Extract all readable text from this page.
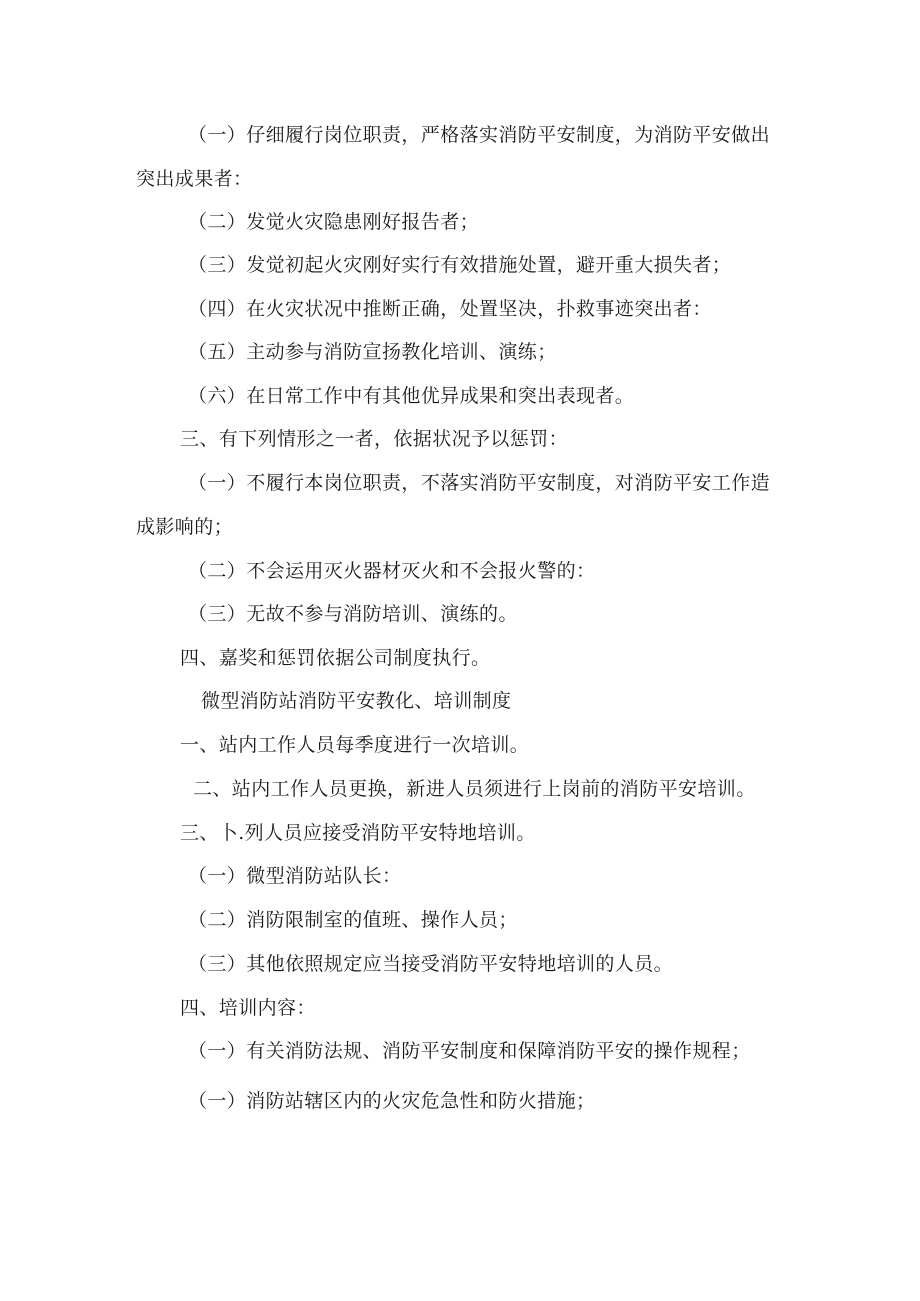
（一）仔细履行岗位职责，严格落实消防平安制度，为消防平安做出
突出成果者：
（二）发觉火灾隐患刚好报告者；
（三）发觉初起火灾刚好实行有效措施处置，避开重大损失者；
（四）在火灾状况中推断正确，处置坚决，扑救事迹突出者：
（五）主动参与消防宣扬教化培训、演练；
（六）在日常工作中有其他优异成果和突出表现者。
三、有下列情形之一者，依据状况予以惩罚：
（一）不履行本岗位职责，不落实消防平安制度，对消防平安工作造
成影响的；
（二）不会运用灭火器材灭火和不会报火警的：
（三）无故不参与消防培训、演练的。
四、嘉奖和惩罚依据公司制度执行。
微型消防站消防平安教化、培训制度
一、站内工作人员每季度进行一次培训。
二、站内工作人员更换，新进人员须进行上岗前的消防平安培训。
三、卜.列人员应接受消防平安特地培训。
（一）微型消防站队长：
（二）消防限制室的值班、操作人员；
（三）其他依照规定应当接受消防平安特地培训的人员。
四、培训内容：
（一）有关消防法规、消防平安制度和保障消防平安的操作规程；
（一）消防站辖区内的火灾危急性和防火措施；
